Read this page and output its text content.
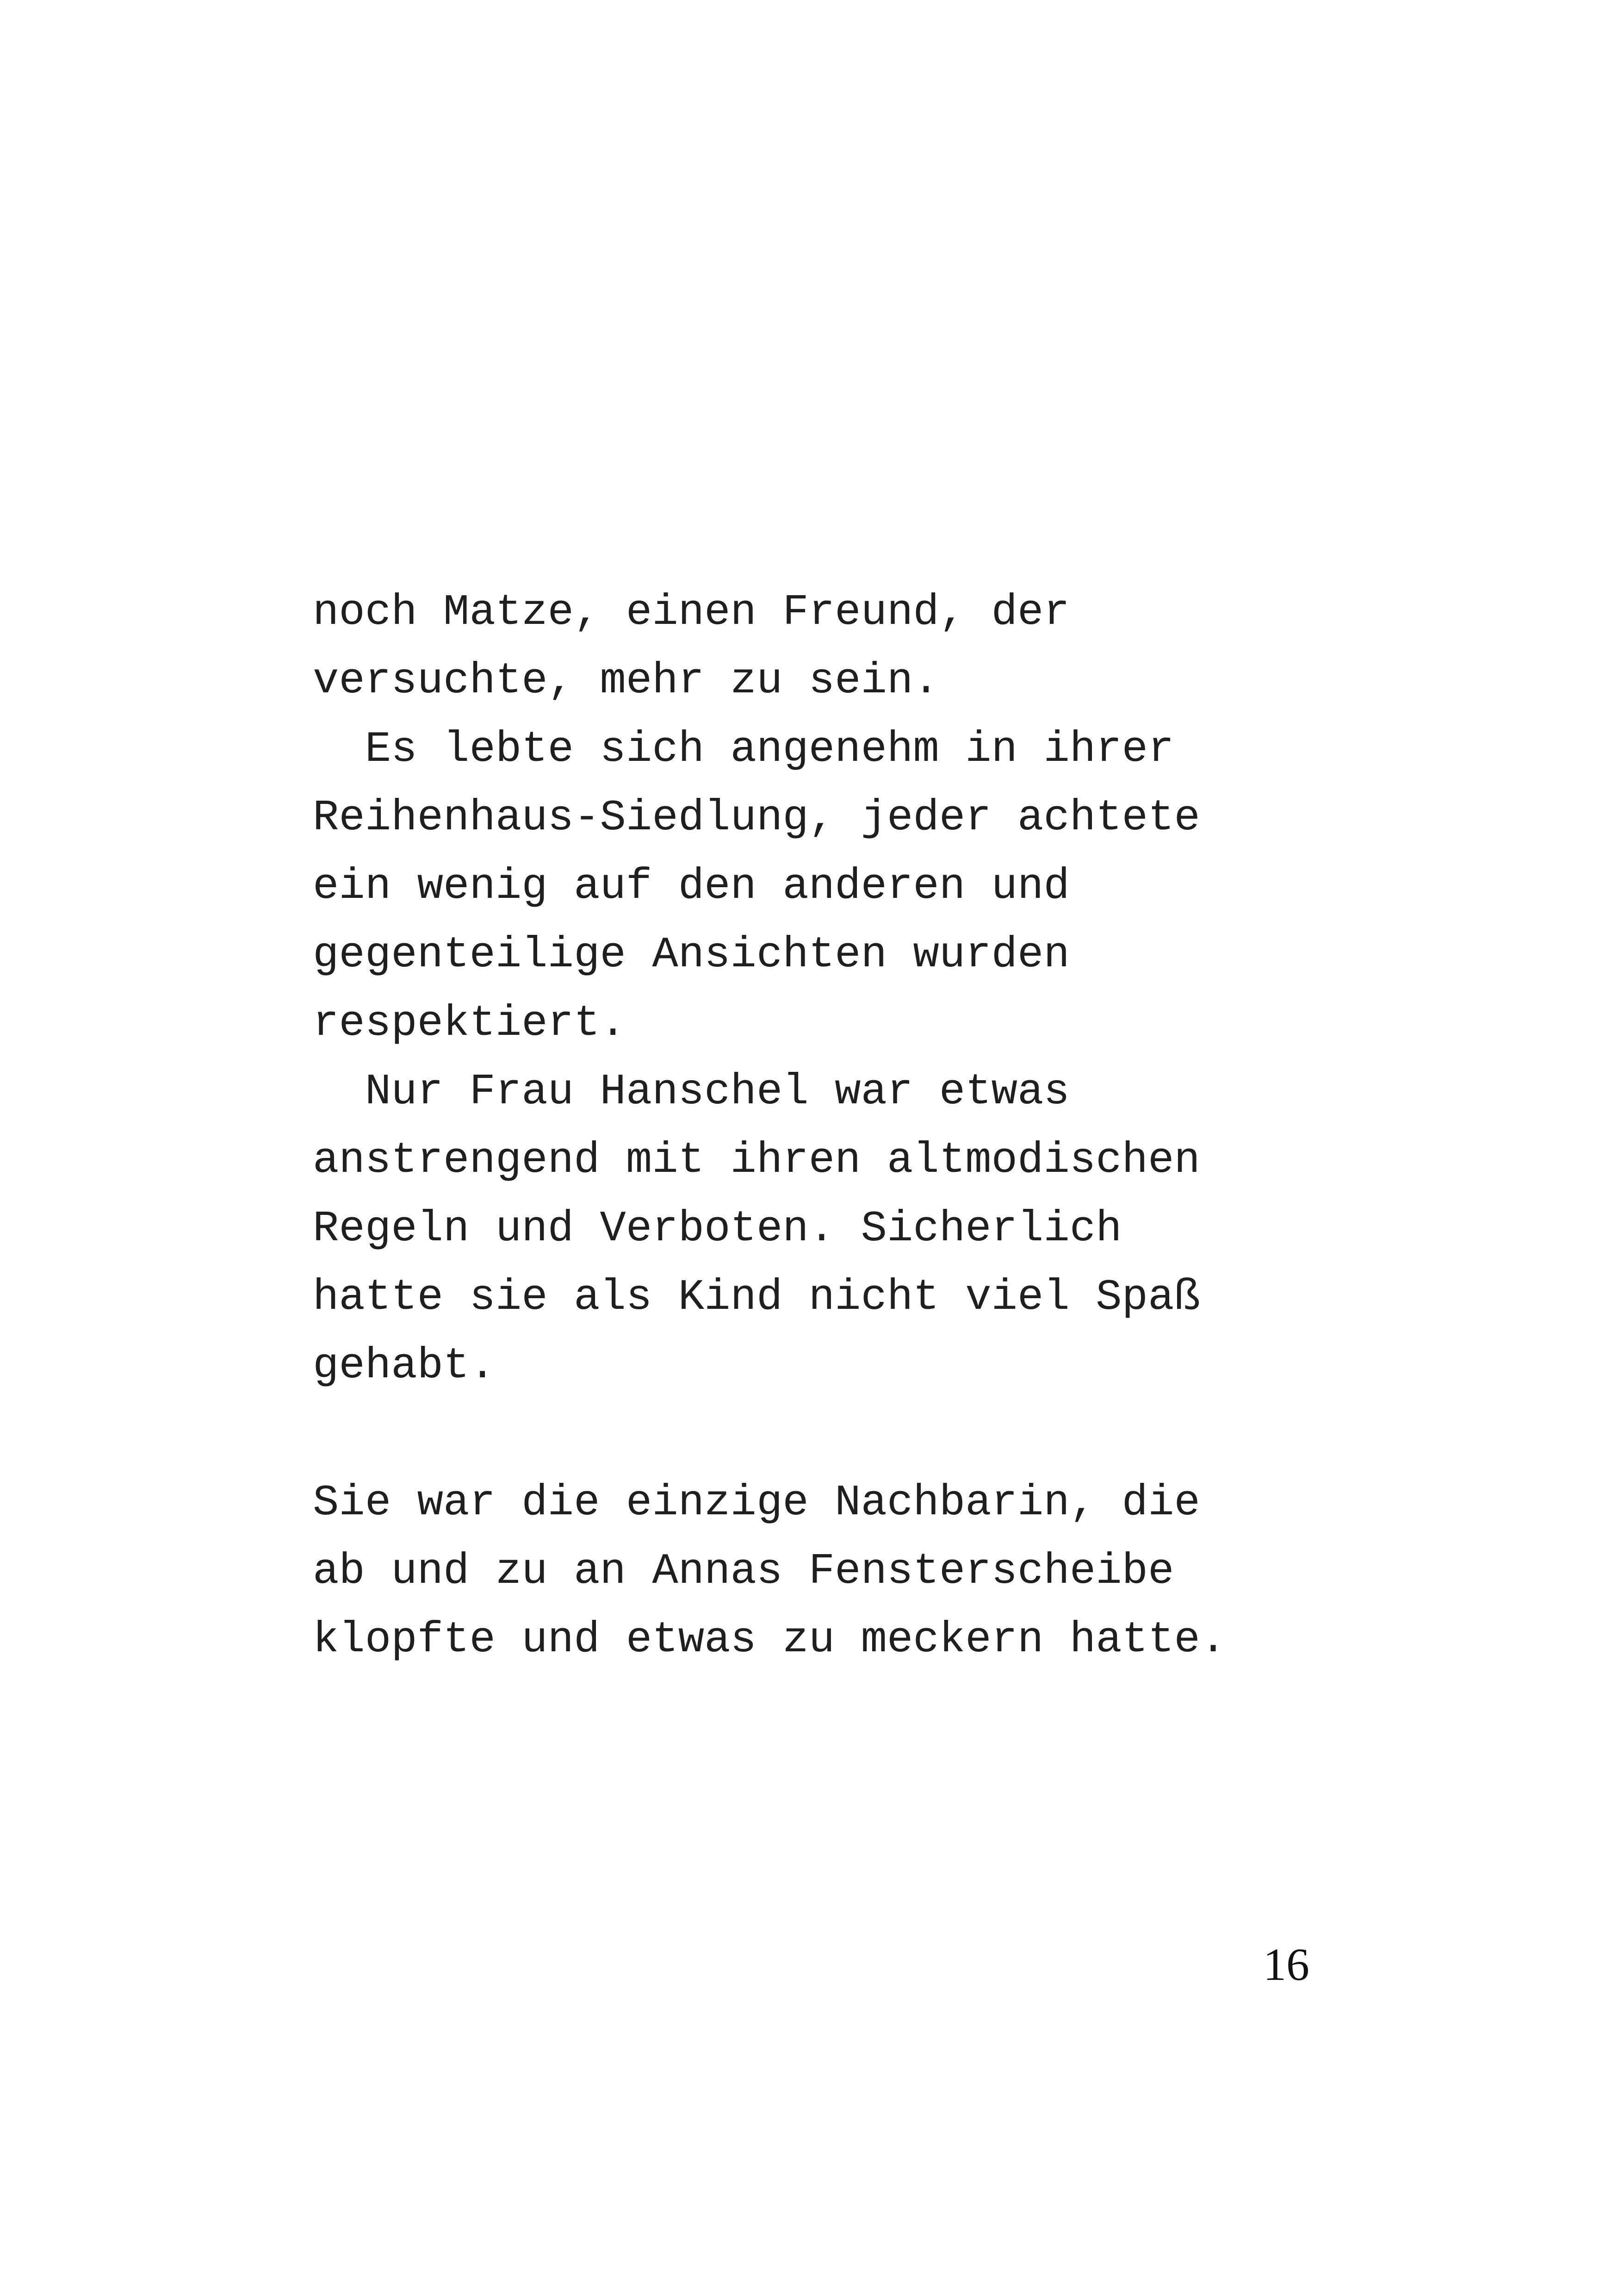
noch Matze, einen Freund, der
versuchte, mehr zu sein.
Es lebte sich angenehm in ihrer
Reihenhaus-Siedlung, jeder achtete
ein wenig auf den anderen und
gegenteilige Ansichten wurden
respektiert.
Nur Frau Hanschel war etwas
anstrengend mit ihren altmodischen
Regeln und Verboten. Sicherlich
hatte sie als Kind nicht viel Spaß
gehabt.
Sie war die einzige Nachbarin, die
ab und zu an Annas Fensterscheibe
klopfte und etwas zu meckern hatte.
16
